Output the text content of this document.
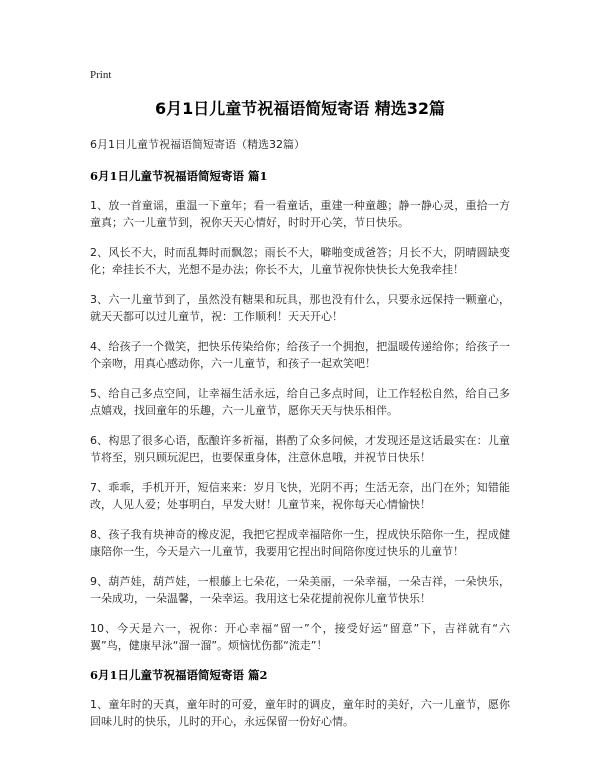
Print
6月1日儿童节祝福语简短寄语 精选32篇

6月1日儿童节祝福语简短寄语（精选32篇）

6月1日儿童节祝福语简短寄语 篇1

1、放一首童谣，重温一下童年；看一看童话，重建一种童趣；静一静心灵，重拾一方童真；六一儿童节到，祝你天天心情好，时时开心笑，节日快乐。

2、风长不大，时而乱舞时而飘忽；雨长不大，噼啪变成爸答；月长不大，阴晴圆缺变化；牵挂长不大，光想不是办法；你长不大，儿童节祝你快快长大免我牵挂！

3、六一儿童节到了，虽然没有糖果和玩具，那也没有什么，只要永远保持一颗童心，就天天都可以过儿童节，祝：工作顺利！天天开心！

4、给孩子一个微笑，把快乐传染给你；给孩子一个拥抱，把温暖传递给你；给孩子一个亲吻，用真心感动你，六一儿童节，和孩子一起欢笑吧！

5、给自己多点空间，让幸福生活永远，给自己多点时间，让工作轻松自然，给自己多点嬉戏，找回童年的乐趣，六一儿童节，愿你天天与快乐相伴。

6、构思了很多心语，酝酿许多祈福，斟酌了众多问候，才发现还是这话最实在：儿童节将至，别只顾玩泥巴，也要保重身体，注意休息哦，并祝节日快乐！

7、乖乖，手机开开，短信来来：岁月飞快，光阴不再；生活无奈，出门在外；知错能改，人见人爱；处事明白，早发大财！儿童节来，祝你每天心情愉快！

8、孩子我有块神奇的橡皮泥，我把它捏成幸福陪你一生，捏成快乐陪你一生，捏成健康陪你一生，今天是六一儿童节，我要用它捏出时间陪你度过快乐的儿童节！

9、葫芦娃，葫芦娃，一根藤上七朵花，一朵美丽，一朵幸福，一朵吉祥，一朵快乐，一朵成功，一朵温馨，一朵幸运。我用这七朵花提前祝你儿童节快乐！

10、今天是六一，祝你：开心幸福“留一”个，接受好运“留意”下，吉祥就有“六翼”鸟，健康早泳“溜一溜”。烦恼忧伤都“流走”！

6月1日儿童节祝福语简短寄语 篇2

1、童年时的天真，童年时的可爱，童年时的调皮，童年时的美好，六一儿童节，愿你回味儿时的快乐，儿时的开心，永远保留一份好心情。
